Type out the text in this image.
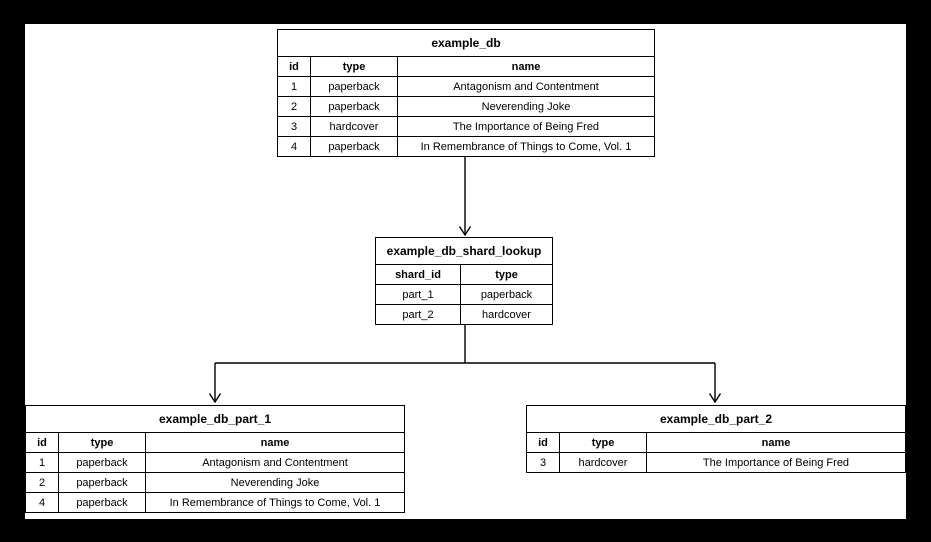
example_db
id	type	name
1	paperback	Antagonism and Contentment
2	paperback	Neverending Joke
3	hardcover	The Importance of Being Fred
4	paperback	In Remembrance of Things to Come, Vol. 1
example_db_shard_lookup
shard_id	type
part_1	paperback
part_2	hardcover
example_db_part_1
id	type	name
1	paperback	Antagonism and Contentment
2	paperback	Neverending Joke
4	paperback	In Remembrance of Things to Come, Vol. 1
example_db_part_2
id	type	name
3	hardcover	The Importance of Being Fred
